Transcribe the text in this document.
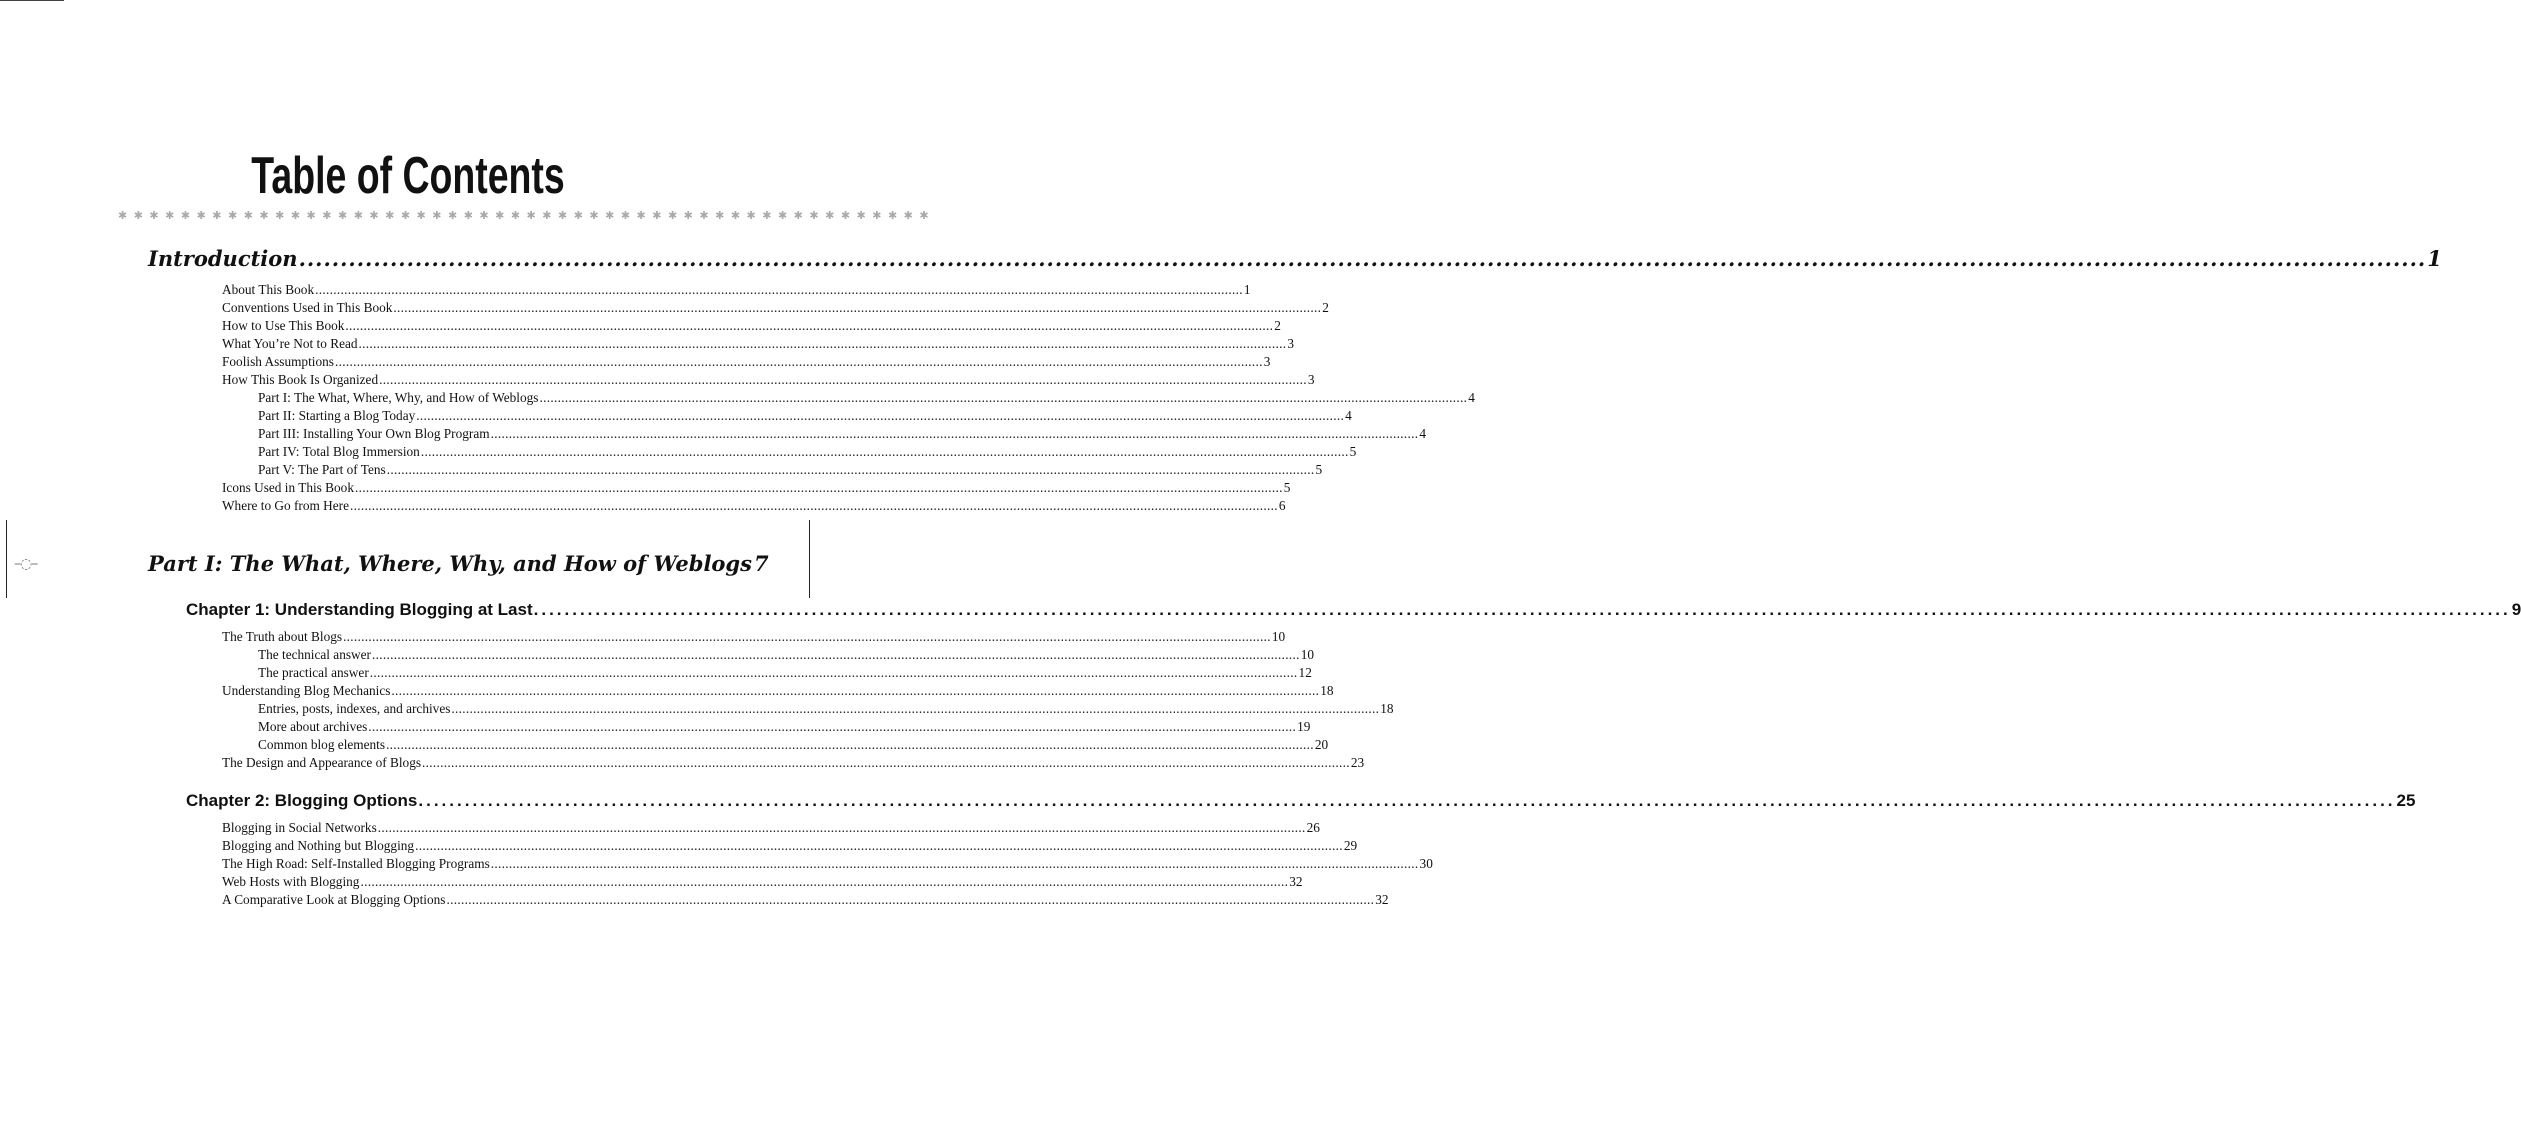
–◌–
Table of Contents
✱ ✱ ✱ ✱ ✱ ✱ ✱ ✱ ✱ ✱ ✱ ✱ ✱ ✱ ✱ ✱ ✱ ✱ ✱ ✱ ✱ ✱ ✱ ✱ ✱ ✱ ✱ ✱ ✱ ✱ ✱ ✱ ✱ ✱ ✱ ✱ ✱ ✱ ✱ ✱ ✱ ✱ ✱ ✱ ✱ ✱ ✱ ✱ ✱ ✱ ✱ ✱
Introduction .....	1
About This Book .....	1
Conventions Used in This Book .....	2
How to Use This Book .....	2
What You’re Not to Read .....	3
Foolish Assumptions .....	3
How This Book Is Organized .....	3
Part I: The What, Where, Why, and How of Weblogs .....	4
Part II: Starting a Blog Today .....	4
Part III: Installing Your Own Blog Program .....	4
Part IV: Total Blog Immersion .....	5
Part V: The Part of Tens .....	5
Icons Used in This Book .....	5
Where to Go from Here .....	6
Part I: The What, Where, Why, and How of Weblogs 7
Chapter 1: Understanding Blogging at Last .....	9
The Truth about Blogs .....	10
The technical answer .....	10
The practical answer .....	12
Understanding Blog Mechanics .....	18
Entries, posts, indexes, and archives .....	18
More about archives .....	19
Common blog elements .....	20
The Design and Appearance of Blogs .....	23
Chapter 2: Blogging Options .....	25
Blogging in Social Networks .....	26
Blogging and Nothing but Blogging .....	29
The High Road: Self-Installed Blogging Programs .....	30
Web Hosts with Blogging .....	32
A Comparative Look at Blogging Options .....	32
